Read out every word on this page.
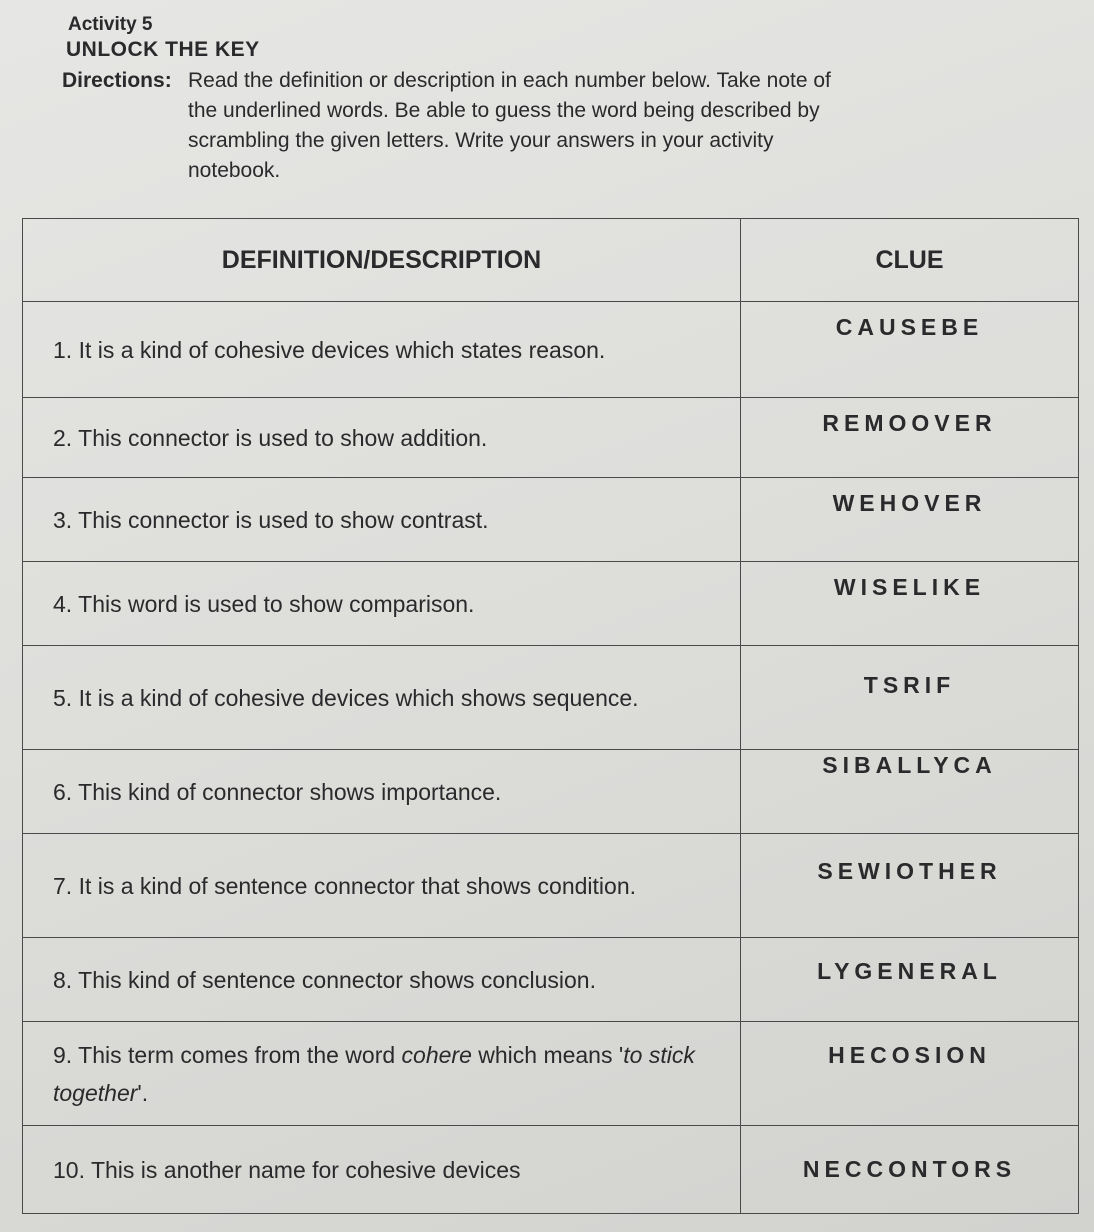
Activity 5
UNLOCK THE KEY
Directions: Read the definition or description in each number below. Take note of
the underlined words. Be able to guess the word being described by
scrambling the given letters. Write your answers in your activity
notebook.
DEFINITION/DESCRIPTION	CLUE
1. It is a kind of cohesive devices which states reason.	CAUSEBE
2. This connector is used to show addition.	REMOOVER
3. This connector is used to show contrast.	WEHOVER
4. This word is used to show comparison.	WISELIKE
5. It is a kind of cohesive devices which shows sequence.	TSRIF
6. This kind of connector shows importance.	SIBALLYCA
7. It is a kind of sentence connector that shows condition.	SEWIOTHER
8. This kind of sentence connector shows conclusion.	LYGENERAL
9. This term comes from the word cohere which means 'to stick together'.	HECOSION
10. This is another name for cohesive devices	NECCONTORS
